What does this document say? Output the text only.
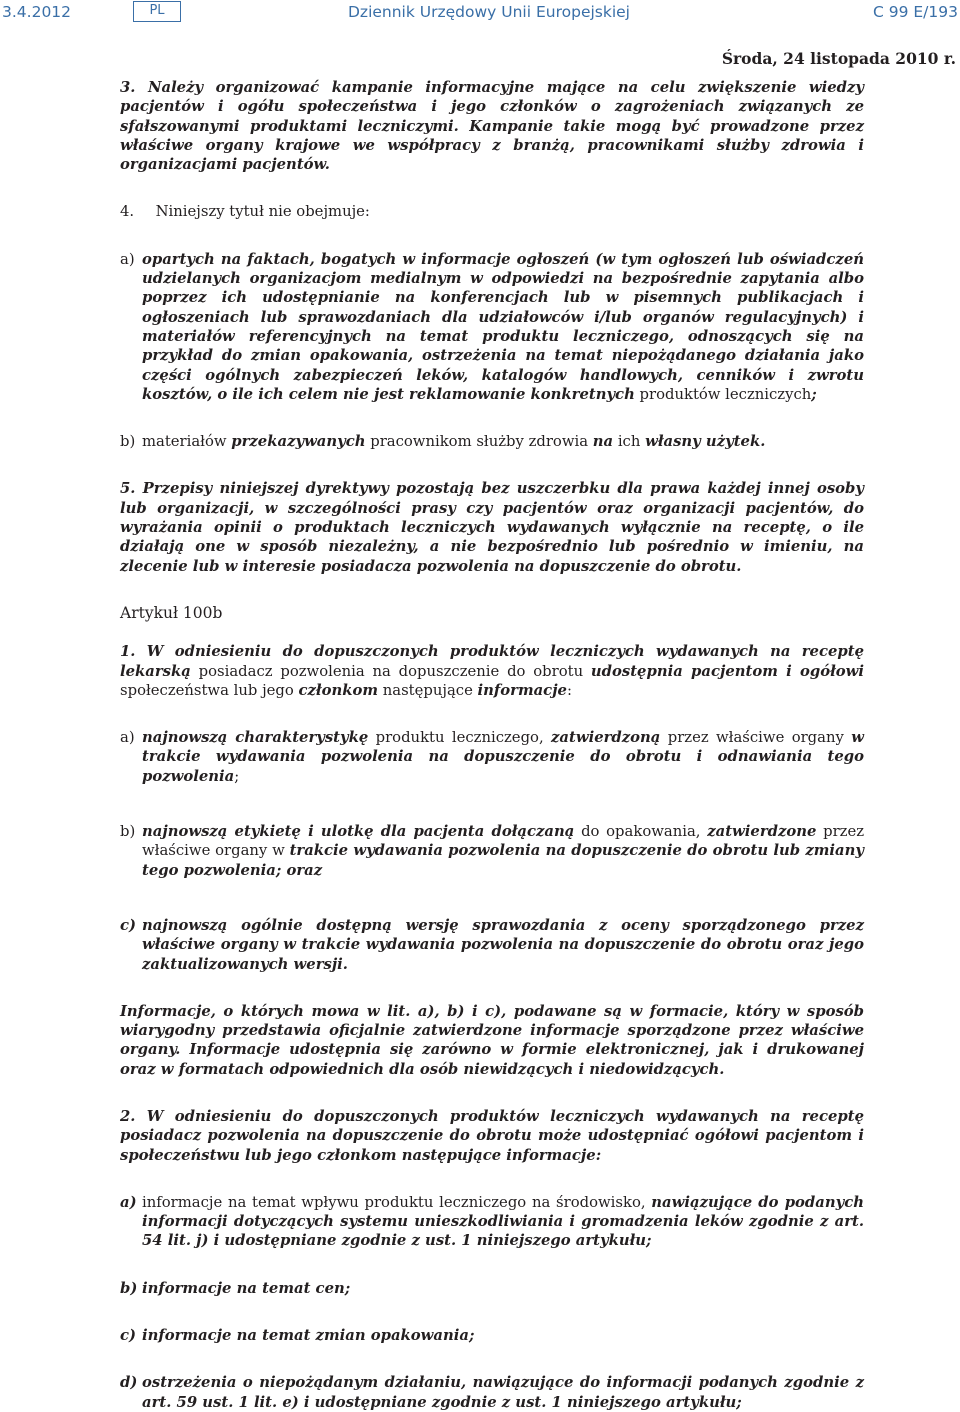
3.4.2012	PL	Dziennik Urzędowy Unii Europejskiej	C 99 E/193
Środa, 24 listopada 2010 r.

3. Należy organizować kampanie informacyjne mające na celu zwiększenie wiedzy pacjentów i ogółu społeczeństwa i jego członków o zagrożeniach związanych ze sfałszowanymi produktami leczniczymi. Kampanie takie mogą być prowadzone przez właściwe organy krajowe we współpracy z branżą, pracownikami służby zdrowia i organizacjami pacjentów.

4. Niniejszy tytuł nie obejmuje:

a) opartych na faktach, bogatych w informacje ogłoszeń (w tym ogłoszeń lub oświadczeń udzielanych organizacjom medialnym w odpowiedzi na bezpośrednie zapytania albo poprzez ich udostępnianie na konferencjach lub w pisemnych publikacjach i ogłoszeniach lub sprawozdaniach dla udziałowców i/lub organów regulacyjnych) i materiałów referencyjnych na temat produktu leczniczego, odnoszących się na przykład do zmian opakowania, ostrzeżenia na temat niepożądanego działania jako części ogólnych zabezpieczeń leków, katalogów handlowych, cenników i zwrotu kosztów, o ile ich celem nie jest reklamowanie konkretnych produktów leczniczych;
b) materiałów przekazywanych pracownikom służby zdrowia na ich własny użytek.

5. Przepisy niniejszej dyrektywy pozostają bez uszczerbku dla prawa każdej innej osoby lub organizacji, w szczególności prasy czy pacjentów oraz organizacji pacjentów, do wyrażania opinii o produktach leczniczych wydawanych wyłącznie na receptę, o ile działają one w sposób niezależny, a nie bezpośrednio lub pośrednio w imieniu, na zlecenie lub w interesie posiadacza pozwolenia na dopuszczenie do obrotu.

Artykuł 100b

1. W odniesieniu do dopuszczonych produktów leczniczych wydawanych na receptę lekarską posiadacz pozwolenia na dopuszczenie do obrotu udostępnia pacjentom i ogółowi społeczeństwa lub jego członkom następujące informacje:

a) najnowszą charakterystykę produktu leczniczego, zatwierdzoną przez właściwe organy w trakcie wydawania pozwolenia na dopuszczenie do obrotu i odnawiania tego pozwolenia;
b) najnowszą etykietę i ulotkę dla pacjenta dołączaną do opakowania, zatwierdzone przez właściwe organy w trakcie wydawania pozwolenia na dopuszczenie do obrotu lub zmiany tego pozwolenia; oraz
c) najnowszą ogólnie dostępną wersję sprawozdania z oceny sporządzonego przez właściwe organy w trakcie wydawania pozwolenia na dopuszczenie do obrotu oraz jego zaktualizowanych wersji.

Informacje, o których mowa w lit. a), b) i c), podawane są w formacie, który w sposób wiarygodny przedstawia oficjalnie zatwierdzone informacje sporządzone przez właściwe organy. Informacje udostępnia się zarówno w formie elektronicznej, jak i drukowanej oraz w formatach odpowiednich dla osób niewidzących i niedowidzących.

2. W odniesieniu do dopuszczonych produktów leczniczych wydawanych na receptę posiadacz pozwolenia na dopuszczenie do obrotu może udostępniać ogółowi pacjentom i społeczeństwu lub jego członkom następujące informacje:

a) informacje na temat wpływu produktu leczniczego na środowisko, nawiązujące do podanych informacji dotyczących systemu unieszkodliwiania i gromadzenia leków zgodnie z art. 54 lit. j) i udostępniane zgodnie z ust. 1 niniejszego artykułu;
b) informacje na temat cen;
c) informacje na temat zmian opakowania;
d) ostrzeżenia o niepożądanym działaniu, nawiązujące do informacji podanych zgodnie z art. 59 ust. 1 lit. e) i udostępniane zgodnie z ust. 1 niniejszego artykułu;
